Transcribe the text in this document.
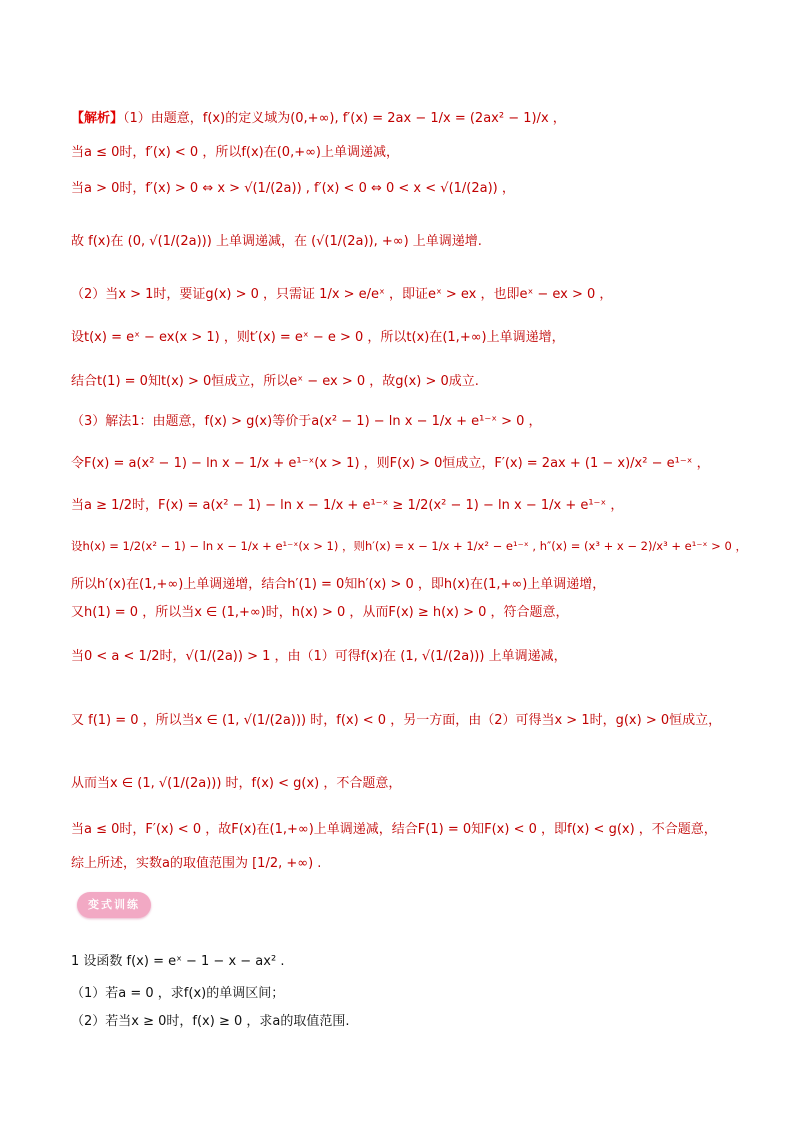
【解析】（1）由题意，f(x)的定义域为(0,+∞), f′(x) = 2ax − 1/x = (2ax² − 1)/x ，
当a ≤ 0时，f′(x) < 0 ，所以f(x)在(0,+∞)上单调递减，
当a > 0时，f′(x) > 0 ⇔ x > √(1/(2a)) , f′(x) < 0 ⇔ 0 < x < √(1/(2a)) ，
故 f(x)在 (0, √(1/(2a))) 上单调递减，在 (√(1/(2a)), +∞) 上单调递增.
（2）当x > 1时，要证g(x) > 0 ，只需证 1/x > e/eˣ ，即证eˣ > ex ，也即eˣ − ex > 0 ，
设t(x) = eˣ − ex(x > 1) ，则t′(x) = eˣ − e > 0 ，所以t(x)在(1,+∞)上单调递增，
结合t(1) = 0知t(x) > 0恒成立，所以eˣ − ex > 0 ，故g(x) > 0成立.
（3）解法1：由题意，f(x) > g(x)等价于a(x² − 1) − ln x − 1/x + e¹⁻ˣ > 0 ，
令F(x) = a(x² − 1) − ln x − 1/x + e¹⁻ˣ(x > 1) ，则F(x) > 0恒成立，F′(x) = 2ax + (1 − x)/x² − e¹⁻ˣ ，
当a ≥ 1/2时，F(x) = a(x² − 1) − ln x − 1/x + e¹⁻ˣ ≥ 1/2(x² − 1) − ln x − 1/x + e¹⁻ˣ ，
设h(x) = 1/2(x² − 1) − ln x − 1/x + e¹⁻ˣ(x > 1) ，则h′(x) = x − 1/x + 1/x² − e¹⁻ˣ , h″(x) = (x³ + x − 2)/x³ + e¹⁻ˣ > 0 ，
所以h′(x)在(1,+∞)上单调递增，结合h′(1) = 0知h′(x) > 0 ，即h(x)在(1,+∞)上单调递增，
又h(1) = 0 ，所以当x ∈ (1,+∞)时，h(x) > 0 ，从而F(x) ≥ h(x) > 0 ，符合题意，
当0 < a < 1/2时，√(1/(2a)) > 1 ，由（1）可得f(x)在 (1, √(1/(2a))) 上单调递减，
又 f(1) = 0 ，所以当x ∈ (1, √(1/(2a))) 时，f(x) < 0 ，另一方面，由（2）可得当x > 1时，g(x) > 0恒成立，
从而当x ∈ (1, √(1/(2a))) 时，f(x) < g(x) ，不合题意，
当a ≤ 0时，F′(x) < 0 ，故F(x)在(1,+∞)上单调递减，结合F(1) = 0知F(x) < 0 ，即f(x) < g(x) ，不合题意，
综上所述，实数a的取值范围为 [1/2, +∞) .
变式训练
1 设函数 f(x) = eˣ − 1 − x − ax² .
（1）若a = 0 ，求f(x)的单调区间；
（2）若当x ≥ 0时，f(x) ≥ 0 ，求a的取值范围.
